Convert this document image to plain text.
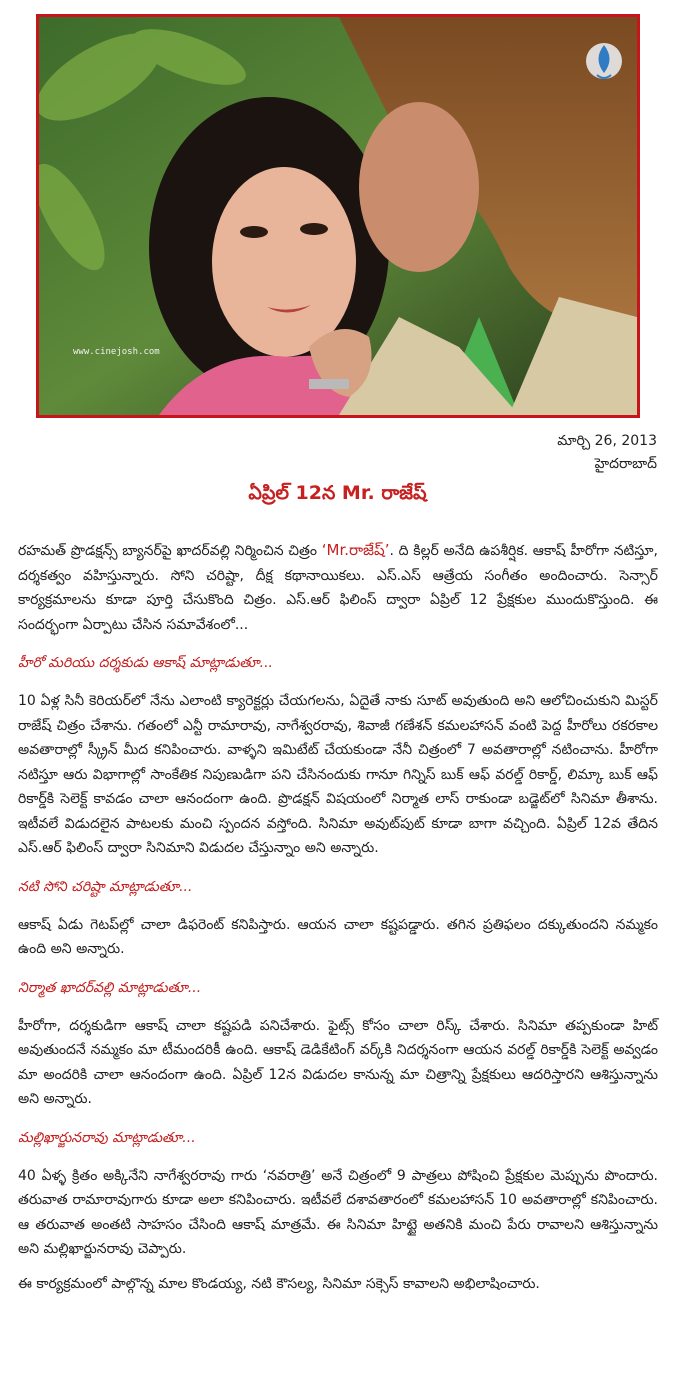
www.cinejosh.com
మార్చి 26, 2013
హైదరాబాద్
ఏప్రిల్ 12న Mr. రాజేష్

రహమత్ ప్రొడక్షన్స్ బ్యానర్‌పై ఖాదర్‌వల్లి నిర్మించిన చిత్రం ‘Mr.రాజేష్’. ది కిల్లర్ అనేది ఉపశీర్షిక. ఆకాష్ హీరోగా నటిస్తూ, దర్శకత్వం వహిస్తున్నారు. సోని చరిష్టా, దీక్ష కథానాయికలు. ఎస్.ఎస్ ఆత్రేయ సంగీతం అందించారు. సెన్సార్ కార్యక్రమాలను కూడా పూర్తి చేసుకొంది చిత్రం. ఎస్.ఆర్ ఫిలింస్ ద్వారా ఏప్రిల్ 12 ప్రేక్షకుల ముందుకొస్తుంది. ఈ సందర్భంగా ఏర్పాటు చేసిన సమావేశంలో...

హీరో మరియు దర్శకుడు ఆకాష్ మాట్లాడుతూ...

10 ఏళ్ల సినీ కెరియర్‌లో నేను ఎలాంటి క్యారెక్టర్లు చేయగలను, ఏదైతే నాకు సూట్ అవుతుంది అని ఆలోచించుకుని మిస్టర్ రాజేష్ చిత్రం చేశాను. గతంలో ఎన్టీ రామారావు, నాగేశ్వరరావు, శివాజీ గణేశన్ కమలహాసన్ వంటి పెద్ద హీరోలు రకరకాల అవతారాల్లో స్క్రీన్ మీద కనిపించారు. వాళ్ళని ఇమిటేట్ చేయకుండా నేనీ చిత్రంలో 7 అవతారాల్లో నటించాను. హీరోగా నటిస్తూ ఆరు విభాగాల్లో సాంకేతిక నిపుణుడిగా పని చేసినందుకు గానూ గిన్నిస్ బుక్ ఆఫ్ వరల్డ్ రికార్డ్, లిమ్కా బుక్ ఆఫ్ రికార్డ్‌కి సెలెక్ట్ కావడం చాలా ఆనందంగా ఉంది. ప్రొడక్షన్ విషయంలో నిర్మాత లాస్ రాకుండా బడ్జెట్‌లో సినిమా తీశాను. ఇటీవలే విడుదలైన పాటలకు మంచి స్పందన వస్తోంది. సినిమా అవుట్‌పుట్ కూడా బాగా వచ్చింది. ఏప్రిల్ 12వ తేదిన ఎస్.ఆర్ ఫిలింస్ ద్వారా సినిమాని విడుదల చేస్తున్నాం అని అన్నారు.

నటి సోని చరిష్టా మాట్లాడుతూ...

ఆకాష్ ఏడు గెటప్‌ల్లో చాలా డిఫరెంట్ కనిపిస్తారు. ఆయన చాలా కష్టపడ్డారు. తగిన ప్రతిఫలం దక్కుతుందని నమ్మకం ఉంది అని అన్నారు.

నిర్మాత ఖాదర్‌వల్లి మాట్లాడుతూ...

హీరోగా, దర్శకుడిగా ఆకాష్ చాలా కష్టపడి పనిచేశారు. ఫైట్స్ కోసం చాలా రిస్క్ చేశారు. సినిమా తప్పకుండా హిట్ అవుతుందనే నమ్మకం మా టీమందరికీ ఉంది. ఆకాష్ డెడికేటింగ్ వర్క్‌కి నిదర్శనంగా ఆయన వరల్డ్ రికార్డ్‌కి సెలెక్ట్ అవ్వడం మా అందరికి చాలా ఆనందంగా ఉంది. ఏప్రిల్ 12న విడుదల కానున్న మా చిత్రాన్ని ప్రేక్షకులు ఆదరిస్తారని ఆశిస్తున్నాను అని అన్నారు.

మల్లిఖార్జునరావు మాట్లాడుతూ...

40 ఏళ్ళ క్రితం అక్కినేని నాగేశ్వరరావు గారు ‘నవరాత్రి’ అనే చిత్రంలో 9 పాత్రలు పోషించి ప్రేక్షకుల మెప్పును పొందారు. తరువాత రామారావుగారు కూడా అలా కనిపించారు. ఇటీవలే దశావతారంలో కమలహాసన్ 10 అవతారాల్లో కనిపించారు. ఆ తరువాత అంతటి సాహసం చేసింది ఆకాష్ మాత్రమే. ఈ సినిమా హిట్టై అతనికి మంచి పేరు రావాలని ఆశిస్తున్నాను అని మల్లిఖార్జునరావు చెప్పారు.

ఈ కార్యక్రమంలో పాల్గొన్న మాల కొండయ్య, నటి కౌసల్య, సినిమా సక్సెస్ కావాలని అభిలాషించారు.
